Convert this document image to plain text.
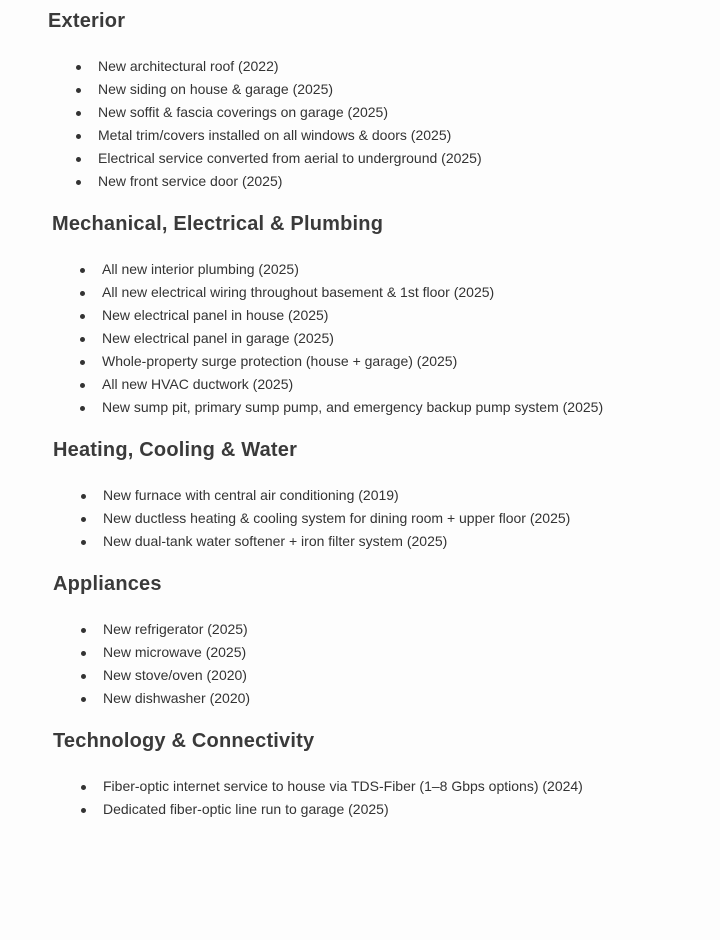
Exterior
New architectural roof (2022)
New siding on house & garage (2025)
New soffit & fascia coverings on garage (2025)
Metal trim/covers installed on all windows & doors (2025)
Electrical service converted from aerial to underground (2025)
New front service door (2025)
Mechanical, Electrical & Plumbing
All new interior plumbing (2025)
All new electrical wiring throughout basement & 1st floor (2025)
New electrical panel in house (2025)
New electrical panel in garage (2025)
Whole-property surge protection (house + garage) (2025)
All new HVAC ductwork (2025)
New sump pit, primary sump pump, and emergency backup pump system (2025)
Heating, Cooling & Water
New furnace with central air conditioning (2019)
New ductless heating & cooling system for dining room + upper floor (2025)
New dual-tank water softener + iron filter system (2025)
Appliances
New refrigerator (2025)
New microwave (2025)
New stove/oven (2020)
New dishwasher (2020)
Technology & Connectivity
Fiber-optic internet service to house via TDS-Fiber (1–8 Gbps options) (2024)
Dedicated fiber-optic line run to garage (2025)
